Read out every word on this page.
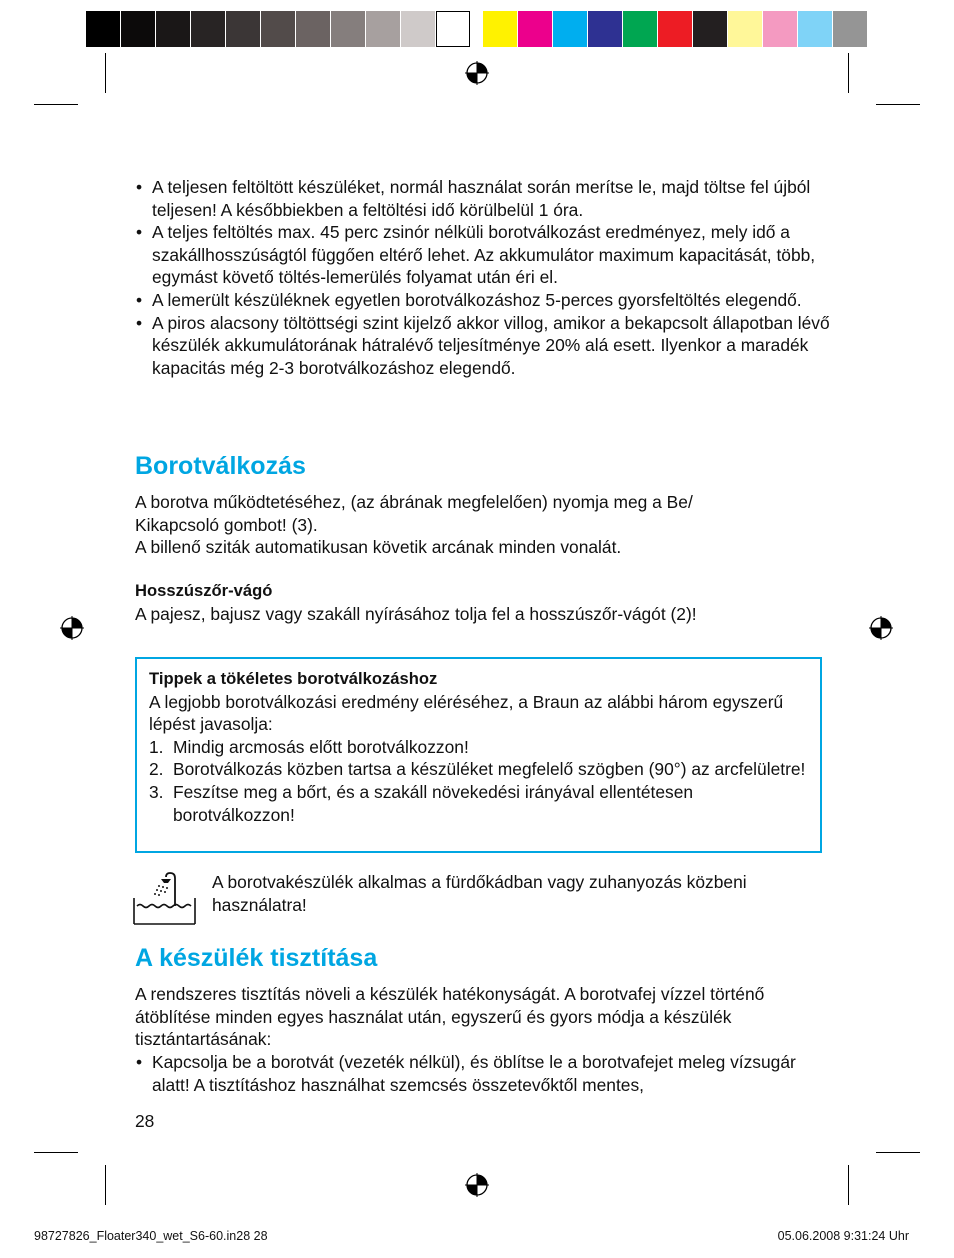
• A teljesen feltöltött készüléket, normál használat során merítse le, majd töltse fel újból teljesen! A későbbiekben a feltöltési idő körülbelül 1 óra.
• A teljes feltöltés max. 45 perc zsinór nélküli borotválkozást eredményez, mely idő a szakállhosszúságtól függően eltérő lehet. Az akkumulátor maximum kapacitását, több, egymást követő töltés-lemerülés folyamat után éri el.
• A lemerült készüléknek egyetlen borotválkozáshoz 5-perces gyorsfeltöltés elegendő.
• A piros alacsony töltöttségi szint kijelző akkor villog, amikor a bekapcsolt állapotban lévő készülék akkumulátorának hátralévő teljesítménye 20% alá esett. Ilyenkor a maradék kapacitás még 2-3 borotválkozáshoz elegendő.
Borotválkozás
A borotva működtetéséhez, (az ábrának megfelelően) nyomja meg a Be/
Kikapcsoló gombot! (3).
A billenő sziták automatikusan követik arcának minden vonalát.
Hosszúszőr-vágó
A pajesz, bajusz vagy szakáll nyírásához tolja fel a hosszúszőr-vágót (2)!
Tippek a tökéletes borotválkozáshoz
A legjobb borotválkozási eredmény eléréséhez, a Braun az alábbi három egyszerű lépést javasolja:
1. Mindig arcmosás előtt borotválkozzon!
2. Borotválkozás közben tartsa a készüléket megfelelő szögben (90°) az arcfelületre!
3. Feszítse meg a bőrt, és a szakáll növekedési irányával ellentétesen borotválkozzon!
A borotvakészülék alkalmas a fürdőkádban vagy zuhanyozás közbeni használatra!
A készülék tisztítása
A rendszeres tisztítás növeli a készülék hatékonyságát. A borotvafej vízzel történő átöblítése minden egyes használat után, egyszerű és gyors módja a készülék tisztántartásának:
• Kapcsolja be a borotvát (vezeték nélkül), és öblítse le a borotvafejet meleg vízsugár alatt! A tisztításhoz használhat szemcsés összetevőktől mentes,
28
98727826_Floater340_wet_S6-60.in28 28	05.06.2008 9:31:24 Uhr
